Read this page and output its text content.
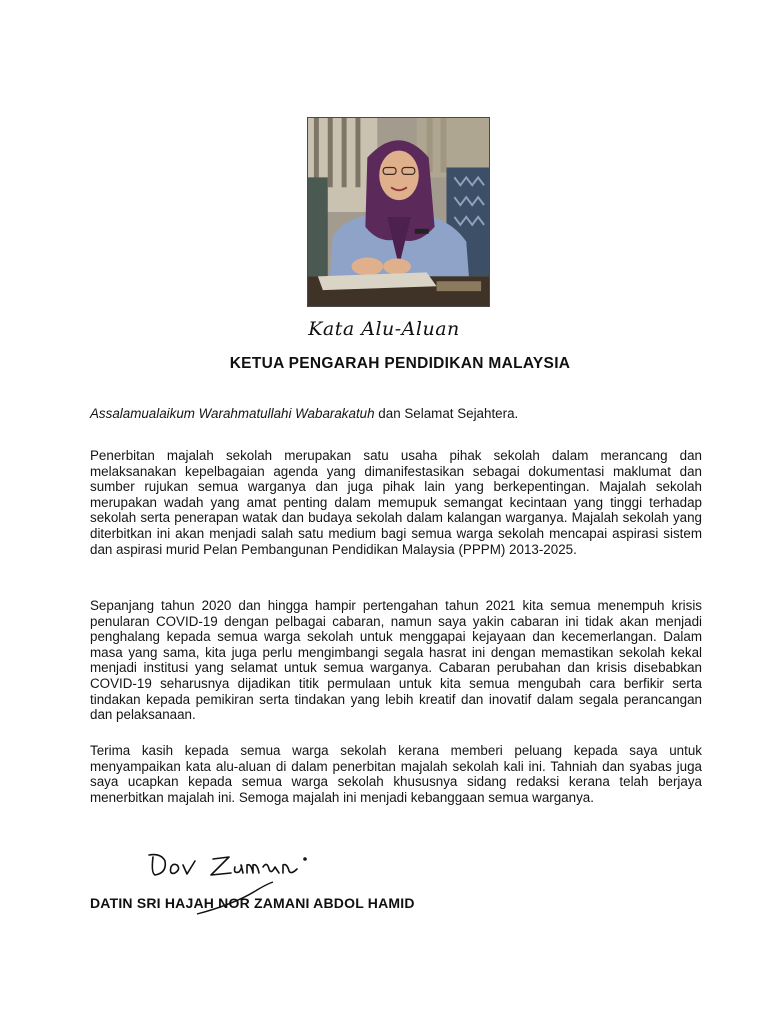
Kata Alu-Aluan
KETUA PENGARAH PENDIDIKAN MALAYSIA
Assalamualaikum Warahmatullahi Wabarakatuh dan Selamat Sejahtera.
Penerbitan majalah sekolah merupakan satu usaha pihak sekolah dalam merancang dan melaksanakan kepelbagaian agenda yang dimanifestasikan sebagai dokumentasi maklumat dan sumber rujukan semua warganya dan juga pihak lain yang berkepentingan. Majalah sekolah merupakan wadah yang amat penting dalam memupuk semangat kecintaan yang tinggi terhadap sekolah serta penerapan watak dan budaya sekolah dalam kalangan warganya. Majalah sekolah yang diterbitkan ini akan menjadi salah satu medium bagi semua warga sekolah mencapai aspirasi sistem dan aspirasi murid Pelan Pembangunan Pendidikan Malaysia (PPPM) 2013-2025.
Sepanjang tahun 2020 dan hingga hampir pertengahan tahun 2021 kita semua menempuh krisis penularan COVID-19 dengan pelbagai cabaran, namun saya yakin cabaran ini tidak akan menjadi penghalang kepada semua warga sekolah untuk menggapai kejayaan dan kecemerlangan. Dalam masa yang sama, kita juga perlu mengimbangi segala hasrat ini dengan memastikan sekolah kekal menjadi institusi yang selamat untuk semua warganya. Cabaran perubahan dan krisis disebabkan COVID-19 seharusnya dijadikan titik permulaan untuk kita semua mengubah cara berfikir serta tindakan kepada pemikiran serta tindakan yang lebih kreatif dan inovatif dalam segala perancangan dan pelaksanaan.
Terima kasih kepada semua warga sekolah kerana memberi peluang kepada saya untuk menyampaikan kata alu-aluan di dalam penerbitan majalah sekolah kali ini. Tahniah dan syabas juga saya ucapkan kepada semua warga sekolah khususnya sidang redaksi kerana telah berjaya menerbitkan majalah ini. Semoga majalah ini menjadi kebanggaan semua warganya.
DATIN SRI HAJAH NOR ZAMANI ABDOL HAMID
